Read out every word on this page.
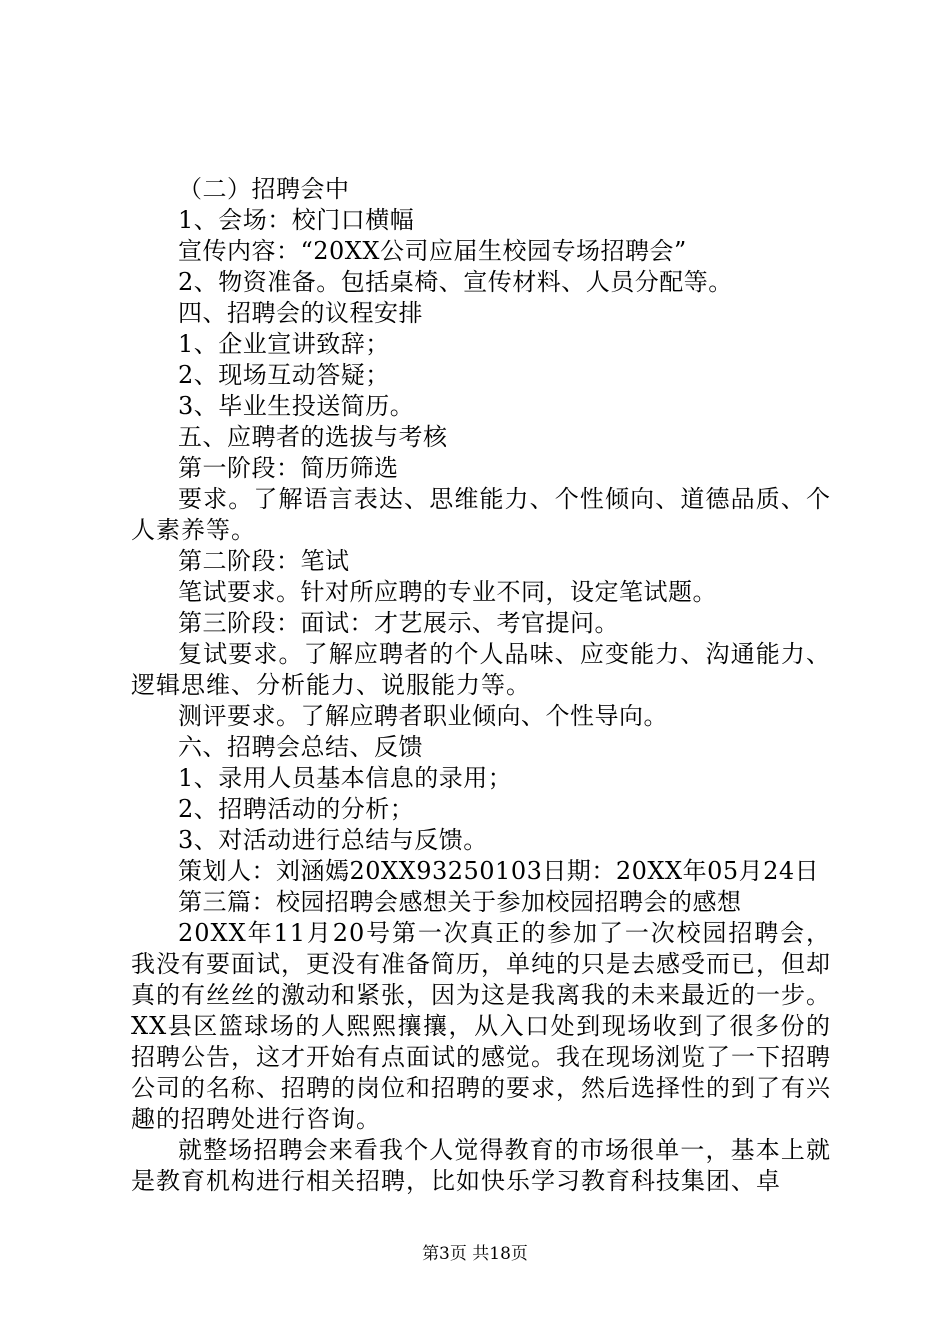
（二）招聘会中

1、会场：校门口横幅

宣传内容：“20XX公司应届生校园专场招聘会”

2、物资准备。包括桌椅、宣传材料、人员分配等。

四、招聘会的议程安排

1、企业宣讲致辞；

2、现场互动答疑；

3、毕业生投送简历。

五、应聘者的选拔与考核

第一阶段：简历筛选

要求。了解语言表达、思维能力、个性倾向、道德品质、个人素养等。

第二阶段：笔试

笔试要求。针对所应聘的专业不同，设定笔试题。

第三阶段：面试：才艺展示、考官提问。

复试要求。了解应聘者的个人品味、应变能力、沟通能力、逻辑思维、分析能力、说服能力等。

测评要求。了解应聘者职业倾向、个性导向。

六、招聘会总结、反馈

1、录用人员基本信息的录用；

2、招聘活动的分析；

3、对活动进行总结与反馈。

策划人：刘涵嫣20XX93250103日期：20XX年05月24日

第三篇：校园招聘会感想关于参加校园招聘会的感想

20XX年11月20号第一次真正的参加了一次校园招聘会，我没有要面试，更没有准备简历，单纯的只是去感受而已，但却真的有丝丝的激动和紧张，因为这是我离我的未来最近的一步。XX县区篮球场的人熙熙攘攘，从入口处到现场收到了很多份的招聘公告，这才开始有点面试的感觉。我在现场浏览了一下招聘公司的名称、招聘的岗位和招聘的要求，然后选择性的到了有兴趣的招聘处进行咨询。

就整场招聘会来看我个人觉得教育的市场很单一，基本上就是教育机构进行相关招聘，比如快乐学习教育科技集团、卓

第3页 共18页
